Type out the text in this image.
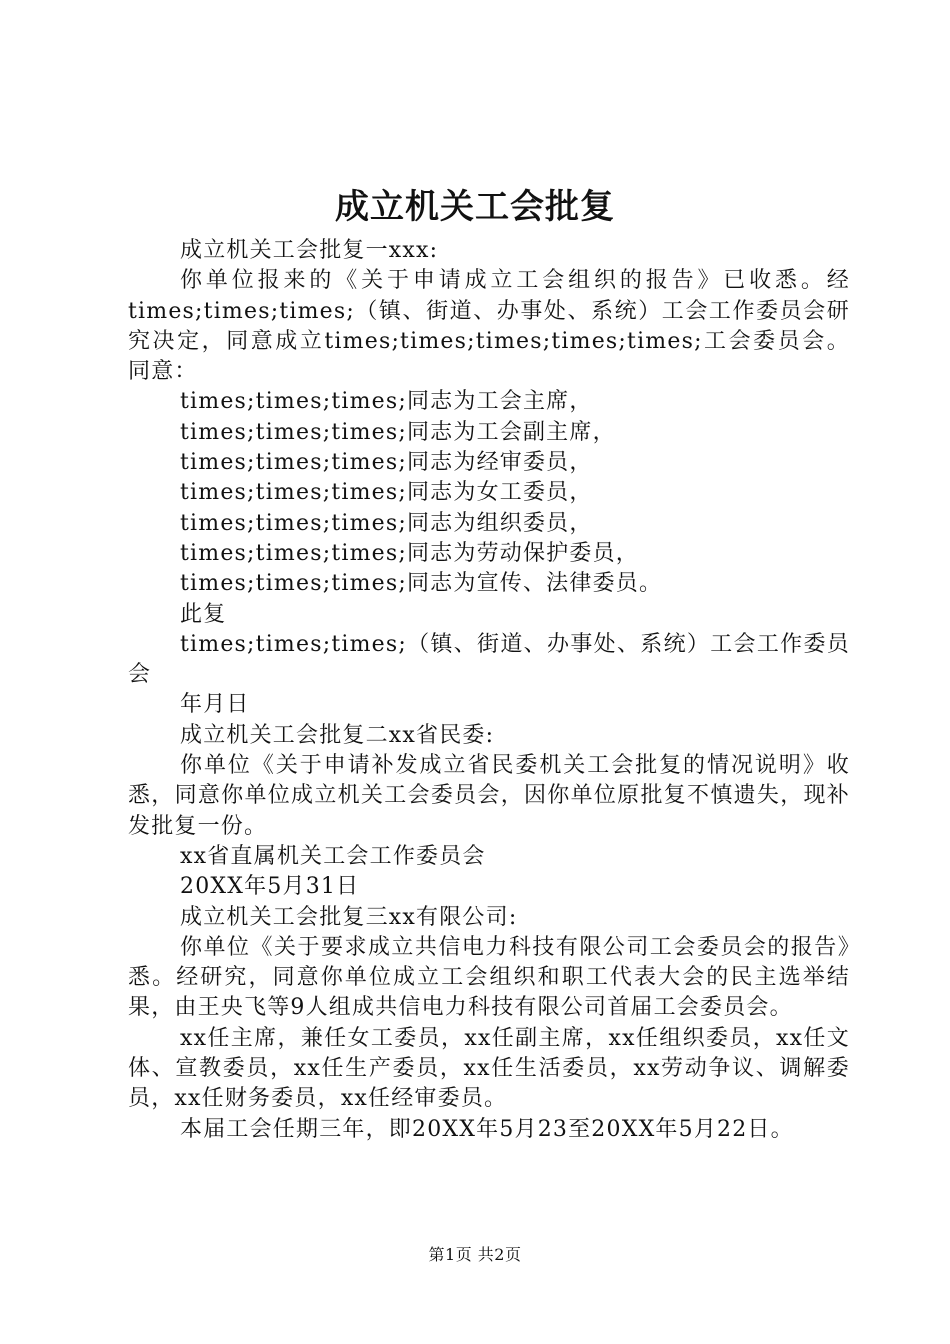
成立机关工会批复

成立机关工会批复一xxx:

你单位报来的《关于申请成立工会组织的报告》已收悉。经times;times;times;（镇、街道、办事处、系统）工会工作委员会研究决定，同意成立times;times;times;times;times;工会委员会。同意：

times;times;times;同志为工会主席，

times;times;times;同志为工会副主席，

times;times;times;同志为经审委员，

times;times;times;同志为女工委员，

times;times;times;同志为组织委员，

times;times;times;同志为劳动保护委员，

times;times;times;同志为宣传、法律委员。

此复

times;times;times;（镇、街道、办事处、系统）工会工作委员会

年月日

成立机关工会批复二xx省民委:

你单位《关于申请补发成立省民委机关工会批复的情况说明》收悉，同意你单位成立机关工会委员会，因你单位原批复不慎遗失，现补发批复一份。

xx省直属机关工会工作委员会

20XX年5月31日

成立机关工会批复三xx有限公司:

你单位《关于要求成立共信电力科技有限公司工会委员会的报告》悉。经研究，同意你单位成立工会组织和职工代表大会的民主选举结果，由王央飞等9人组成共信电力科技有限公司首届工会委员会。

xx任主席，兼任女工委员，xx任副主席，xx任组织委员，xx任文体、宣教委员，xx任生产委员，xx任生活委员，xx劳动争议、调解委员，xx任财务委员，xx任经审委员。

本届工会任期三年，即20XX年5月23至20XX年5月22日。

第1页 共2页
